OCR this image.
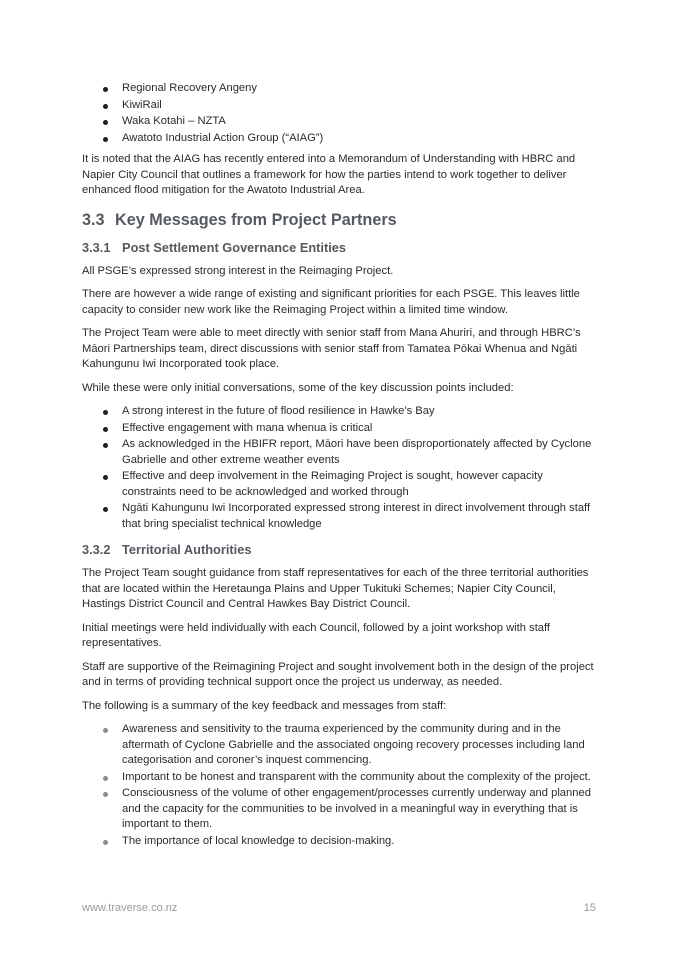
Regional Recovery Angeny
KiwiRail
Waka Kotahi – NZTA
Awatoto Industrial Action Group (“AIAG”)

It is noted that the AIAG has recently entered into a Memorandum of Understanding with HBRC and Napier City Council that outlines a framework for how the parties intend to work together to deliver enhanced flood mitigation for the Awatoto Industrial Area.

3.3 Key Messages from Project Partners
3.3.1 Post Settlement Governance Entities

All PSGE’s expressed strong interest in the Reimaging Project.

There are however a wide range of existing and significant priorities for each PSGE. This leaves little capacity to consider new work like the Reimaging Project within a limited time window.

The Project Team were able to meet directly with senior staff from Mana Ahuriri, and through HBRC’s Māori Partnerships team, direct discussions with senior staff from Tamatea Pōkai Whenua and Ngāti Kahungunu Iwi Incorporated took place.

While these were only initial conversations, some of the key discussion points included:

A strong interest in the future of flood resilience in Hawke’s Bay
Effective engagement with mana whenua is critical
As acknowledged in the HBIFR report, Māori have been disproportionately affected by Cyclone Gabrielle and other extreme weather events
Effective and deep involvement in the Reimaging Project is sought, however capacity constraints need to be acknowledged and worked through
Ngāti Kahungunu Iwi Incorporated expressed strong interest in direct involvement through staff that bring specialist technical knowledge
3.3.2 Territorial Authorities

The Project Team sought guidance from staff representatives for each of the three territorial authorities that are located within the Heretaunga Plains and Upper Tukituki Schemes; Napier City Council, Hastings District Council and Central Hawkes Bay District Council.

Initial meetings were held individually with each Council, followed by a joint workshop with staff representatives.

Staff are supportive of the Reimagining Project and sought involvement both in the design of the project and in terms of providing technical support once the project us underway, as needed.

The following is a summary of the key feedback and messages from staff:

Awareness and sensitivity to the trauma experienced by the community during and in the aftermath of Cyclone Gabrielle and the associated ongoing recovery processes including land categorisation and coroner’s inquest commencing.
Important to be honest and transparent with the community about the complexity of the project.
Consciousness of the volume of other engagement/processes currently underway and planned and the capacity for the communities to be involved in a meaningful way in everything that is important to them.
The importance of local knowledge to decision-making.
www.traverse.co.nz	15
